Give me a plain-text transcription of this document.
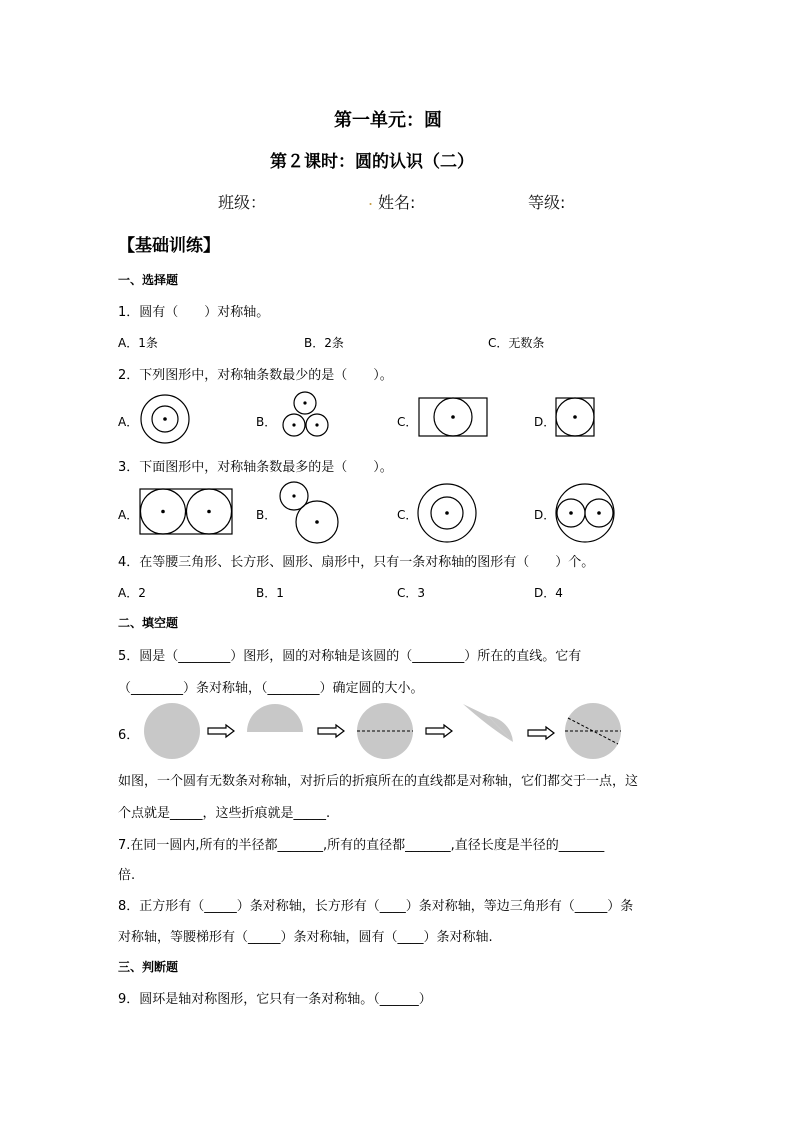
第一单元：圆
第２课时：圆的认识（二）
班级：	. 姓名:	等级:
【基础训练】
一、选择题
1．圆有（　　）对称轴。
A．1条	B．2条	C．无数条
2．下列图形中，对称轴条数最少的是（　　）。
A．	B．	C．	D．
3．下面图形中，对称轴条数最多的是（　　）。
A．	B．	C．	D．
4．在等腰三角形、长方形、圆形、扇形中，只有一条对称轴的图形有（　　）个。
A．2	B．1	C．3	D．4
二、填空题
5．圆是（________）图形，圆的对称轴是该圆的（________）所在的直线。它有
（________）条对称轴，（________）确定圆的大小。
6．
如图，一个圆有无数条对称轴，对折后的折痕所在的直线都是对称轴，它们都交于一点，这
个点就是_____，这些折痕就是_____.
7.在同一圆内,所有的半径都_______,所有的直径都_______,直径长度是半径的_______
倍.
8．正方形有（_____）条对称轴，长方形有（____）条对称轴，等边三角形有（_____）条
对称轴，等腰梯形有（_____）条对称轴，圆有（____）条对称轴.
三、判断题
9．圆环是轴对称图形，它只有一条对称轴。（______）
